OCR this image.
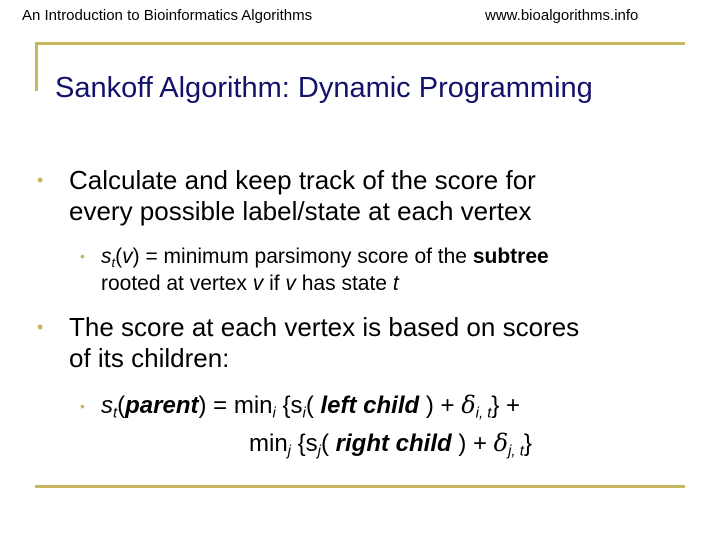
An Introduction to Bioinformatics Algorithms	www.bioalgorithms.info
Sankoff Algorithm: Dynamic Programming
• Calculate and keep track of the score for
every possible label/state at each vertex
• $s_t(v)$ = minimum parsimony score of the subtree
rooted at vertex v if v has state t
• The score at each vertex is based on scores
of its children:
• $s_t(parent) = \min_i \{s_i$( left child ) + $\delta_{i, t}$} +
$\min_j \{s_j$( right child ) + $\delta_{j, t}$}
